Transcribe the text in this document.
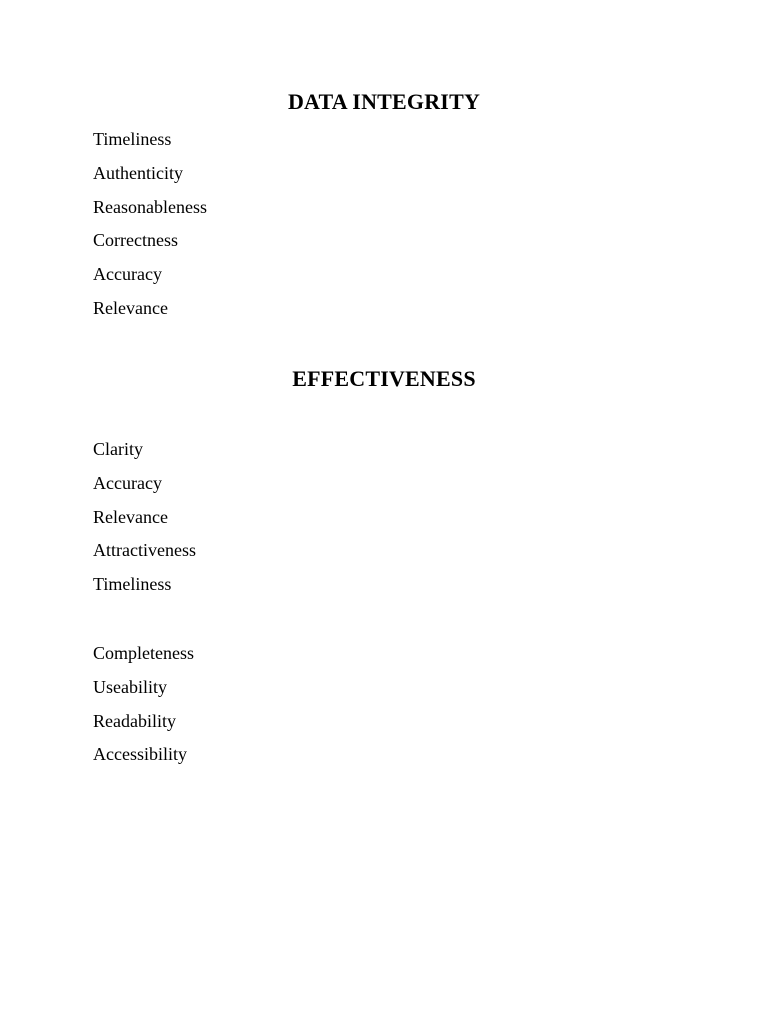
DATA INTEGRITY
Timeliness
Authenticity
Reasonableness
Correctness
Accuracy
Relevance
EFFECTIVENESS
Clarity
Accuracy
Relevance
Attractiveness
Timeliness
Completeness
Useability
Readability
Accessibility
